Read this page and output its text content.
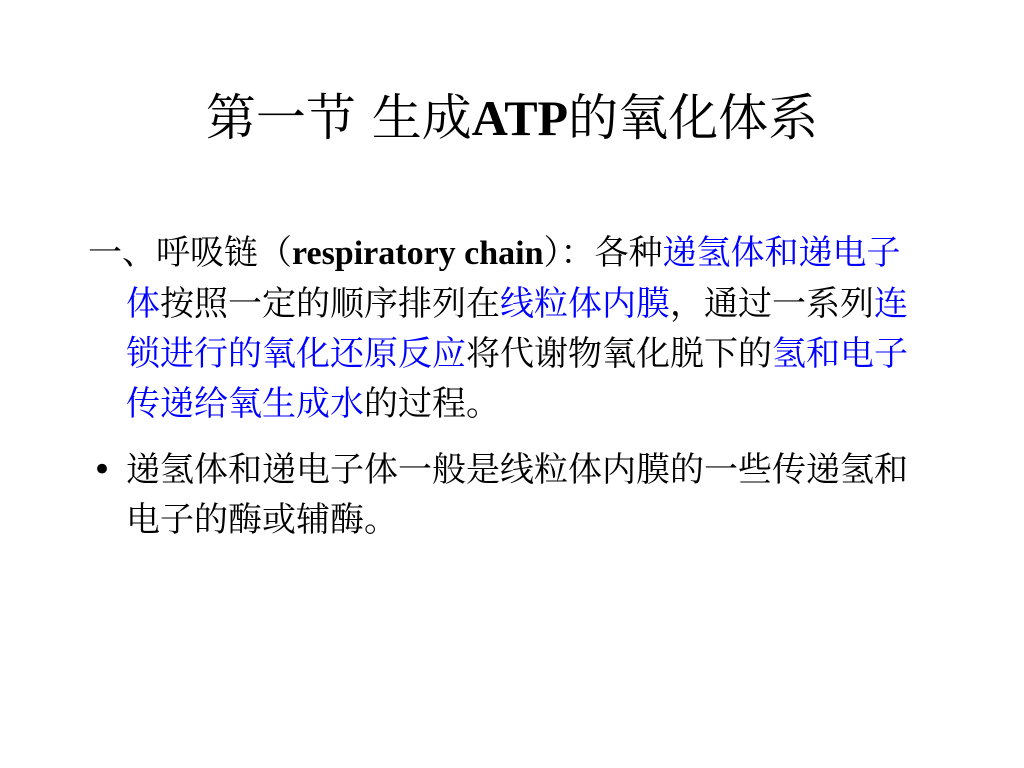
第一节 生成ATP的氧化体系

一、呼吸链（respiratory chain）：各种递氢体和递电子体按照一定的顺序排列在线粒体内膜，通过一系列连锁进行的氧化还原反应将代谢物氧化脱下的氢和电子传递给氧生成水的过程。

• 递氢体和递电子体一般是线粒体内膜的一些传递氢和电子的酶或辅酶。
